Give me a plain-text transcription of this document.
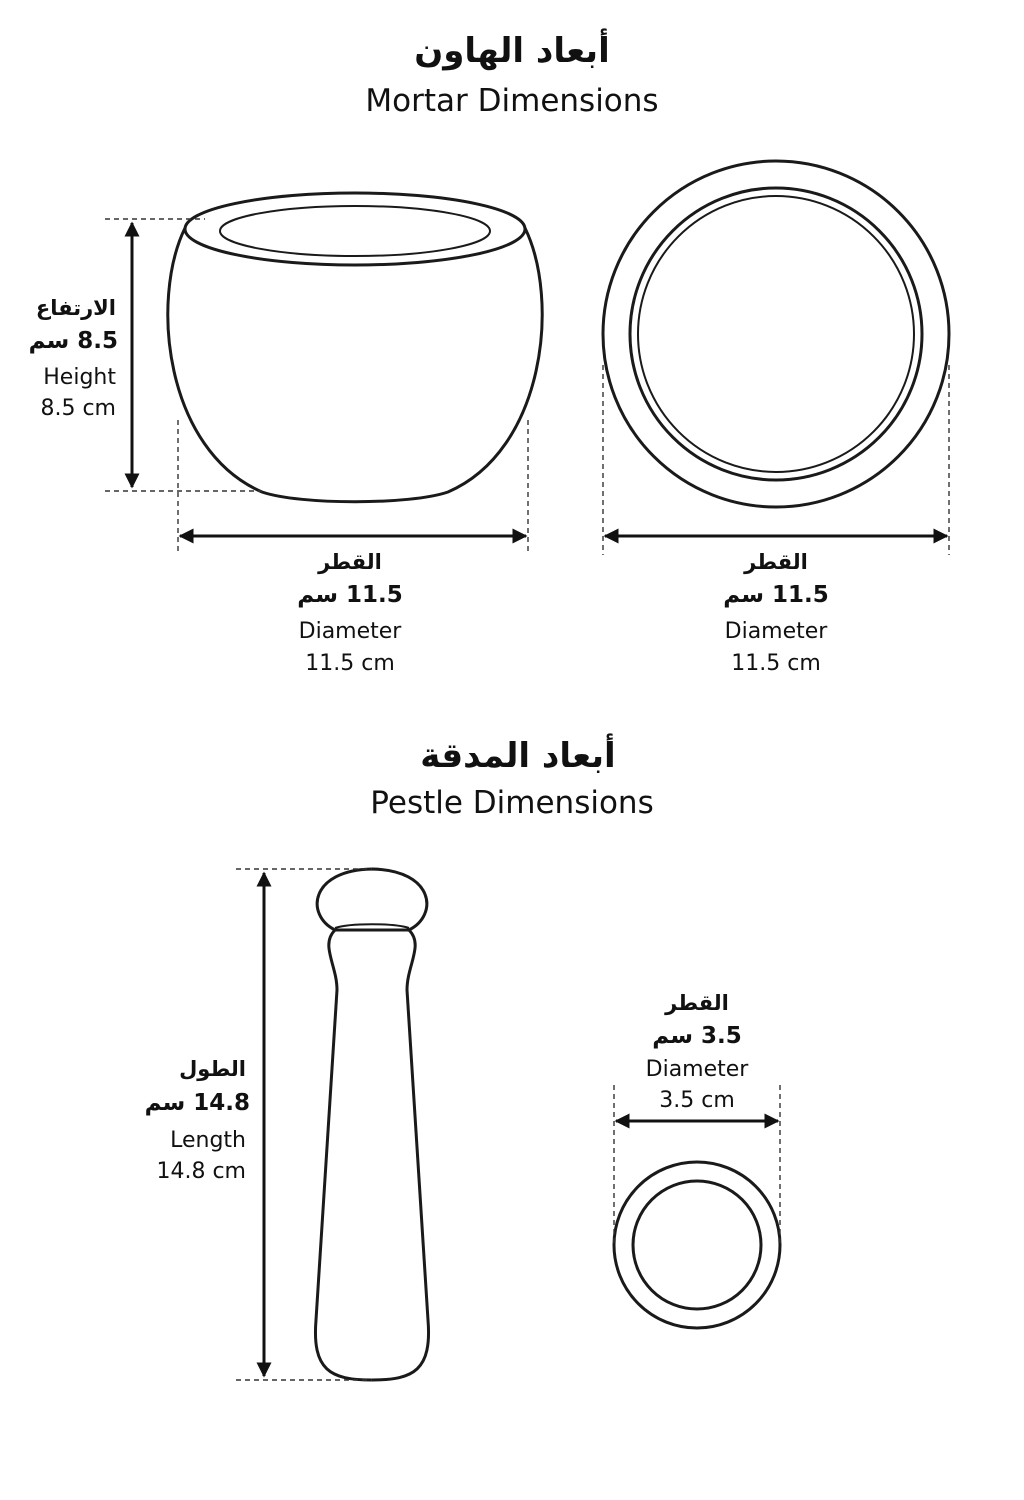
أبعاد الهاون
Mortar Dimensions
الارتفاع
8.5 سم
Height
8.5 cm
القطر
11.5 سم
Diameter
11.5 cm
القطر
11.5 سم
Diameter
11.5 cm
أبعاد المدقة
Pestle Dimensions
الطول
14.8 سم
Length
14.8 cm
القطر
3.5 سم
Diameter
3.5 cm
